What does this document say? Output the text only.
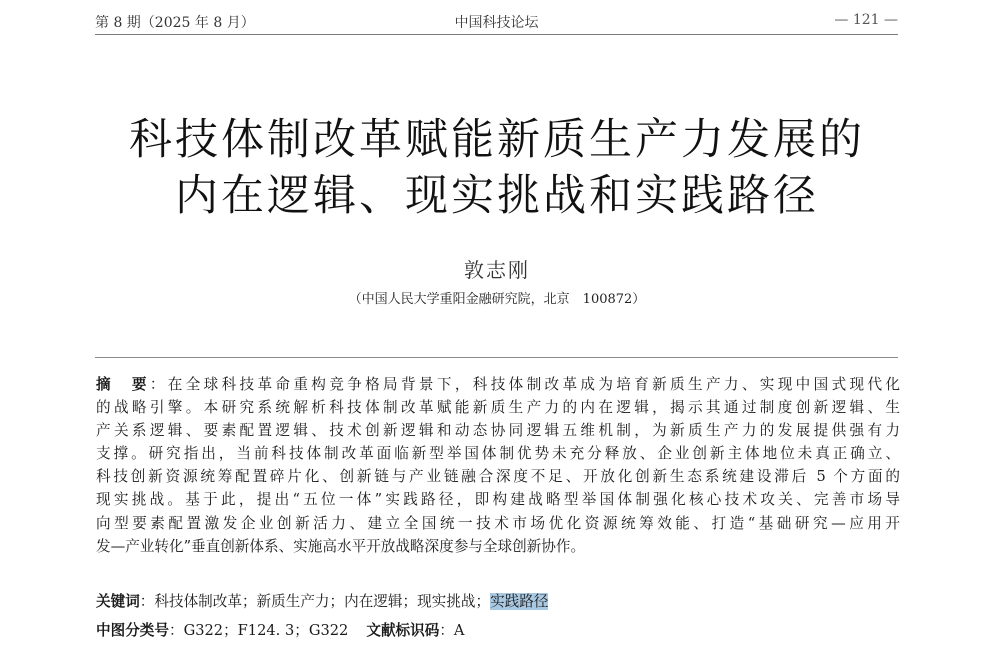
第 8 期（2025 年 8 月）	中国科技论坛	— 121 —
科技体制改革赋能新质生产力发展的
内在逻辑、现实挑战和实践路径
敦志刚
（中国人民大学重阳金融研究院，北京　100872）
摘　要：在全球科技革命重构竞争格局背景下，科技体制改革成为培育新质生产力、实现中国式现代化
的战略引擎。本研究系统解析科技体制改革赋能新质生产力的内在逻辑，揭示其通过制度创新逻辑、生
产关系逻辑、要素配置逻辑、技术创新逻辑和动态协同逻辑五维机制，为新质生产力的发展提供强有力
支撑。研究指出，当前科技体制改革面临新型举国体制优势未充分释放、企业创新主体地位未真正确立、
科技创新资源统筹配置碎片化、创新链与产业链融合深度不足、开放化创新生态系统建设滞后 5 个方面的
现实挑战。基于此，提出“五位一体”实践路径，即构建战略型举国体制强化核心技术攻关、完善市场导
向型要素配置激发企业创新活力、建立全国统一技术市场优化资源统筹效能、打造“基础研究—应用开
发—产业转化”垂直创新体系、实施高水平开放战略深度参与全球创新协作。
关键词：科技体制改革；新质生产力；内在逻辑；现实挑战；实践路径
中图分类号：G322；F124. 3；G322 文献标识码：A
